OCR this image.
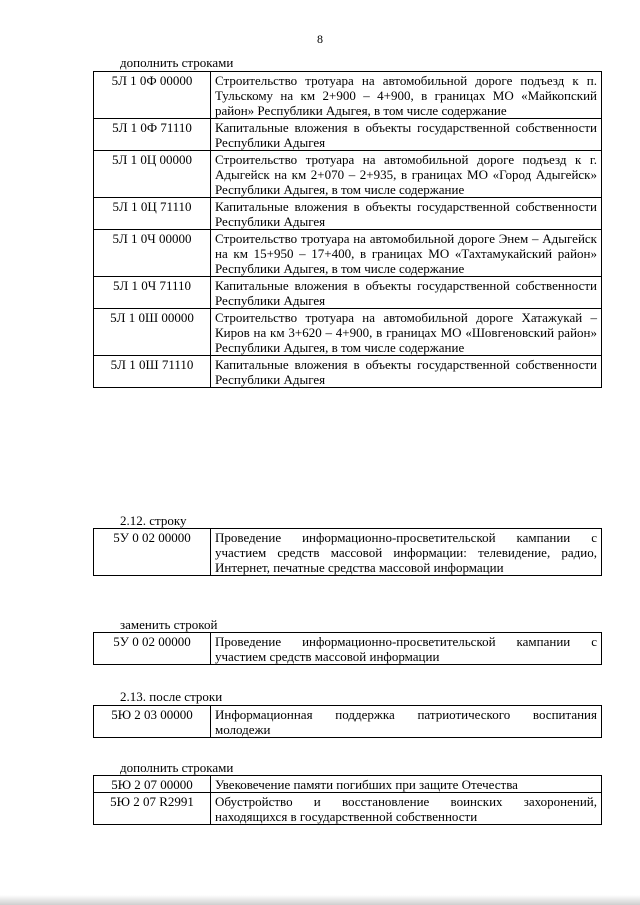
8
дополнить строками
5Л 1 0Ф 00000	Строительство тротуара на автомобильной дороге подъезд к п. Тульскому на км 2+900 – 4+900, в границах МО «Майкопский район» Республики Адыгея, в том числе содержание
5Л 1 0Ф 71110	Капитальные вложения в объекты государственной собственности Республики Адыгея
5Л 1 0Ц 00000	Строительство тротуара на автомобильной дороге подъезд к г. Адыгейск на км 2+070 – 2+935, в границах МО «Город Адыгейск» Республики Адыгея, в том числе содержание
5Л 1 0Ц 71110	Капитальные вложения в объекты государственной собственности Республики Адыгея
5Л 1 0Ч 00000	Строительство тротуара на автомобильной дороге Энем – Адыгейск на км 15+950 – 17+400, в границах МО «Тахтамукайский район» Республики Адыгея, в том числе содержание
5Л 1 0Ч 71110	Капитальные вложения в объекты государственной собственности Республики Адыгея
5Л 1 0Ш 00000	Строительство тротуара на автомобильной дороге Хатажукай – Киров на км 3+620 – 4+900, в границах МО «Шовгеновский район» Республики Адыгея, в том числе содержание
5Л 1 0Ш 71110	Капитальные вложения в объекты государственной собственности Республики Адыгея
2.12. строку
5У 0 02 00000	Проведение информационно-просветительской кампании с участием средств массовой информации: телевидение, радио, Интернет, печатные средства массовой информации
заменить строкой
5У 0 02 00000	Проведение информационно-просветительской кампании с участием средств массовой информации
2.13. после строки
5Ю 2 03 00000	Информационная поддержка патриотического воспитания молодежи
дополнить строками
5Ю 2 07 00000	Увековечение памяти погибших при защите Отечества
5Ю 2 07 R2991	Обустройство и восстановление воинских захоронений, находящихся в государственной собственности
